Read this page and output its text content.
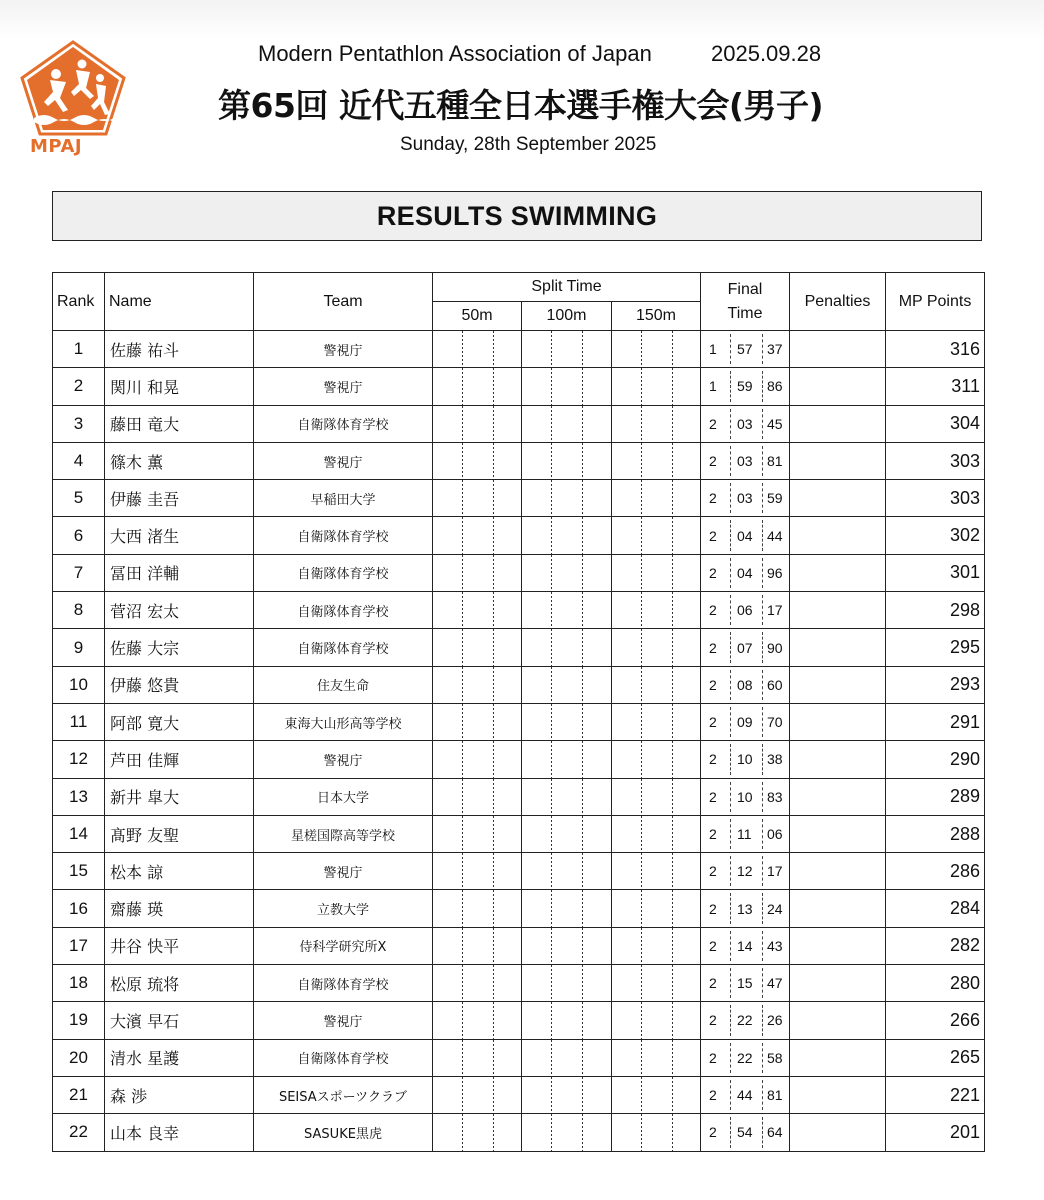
MPAJ
Modern Pentathlon Association of Japan	2025.09.28
第65回 近代五種全日本選手権大会(男子)
Sunday, 28th September 2025
RESULTS SWIMMING
Rank	Name	Team	Split Time			Final
Time	Penalties	MP Points
			50m	100m	150m			
1	佐藤 祐斗	警視庁				1 57 37		316
2	関川 和晃	警視庁				1 59 86		311
3	藤田 竜大	自衛隊体育学校				2 03 45		304
4	篠木 薫	警視庁				2 03 81		303
5	伊藤 圭吾	早稲田大学				2 03 59		303
6	大西 渚生	自衛隊体育学校				2 04 44		302
7	冨田 洋輔	自衛隊体育学校				2 04 96		301
8	菅沼 宏太	自衛隊体育学校				2 06 17		298
9	佐藤 大宗	自衛隊体育学校				2 07 90		295
10	伊藤 悠貴	住友生命				2 08 60		293
11	阿部 寛大	東海大山形高等学校				2 09 70		291
12	芦田 佳輝	警視庁				2 10 38		290
13	新井 皐大	日本大学				2 10 83		289
14	髙野 友聖	星槎国際高等学校				2 11 06		288
15	松本 諒	警視庁				2 12 17		286
16	齋藤 瑛	立教大学				2 13 24		284
17	井谷 快平	侍科学研究所X				2 14 43		282
18	松原 琉将	自衛隊体育学校				2 15 47		280
19	大濱 早石	警視庁				2 22 26		266
20	清水 星護	自衛隊体育学校				2 22 58		265
21	森 渉	SEISAスポーツクラブ				2 44 81		221
22	山本 良幸	SASUKE黒虎				2 54 64		201
